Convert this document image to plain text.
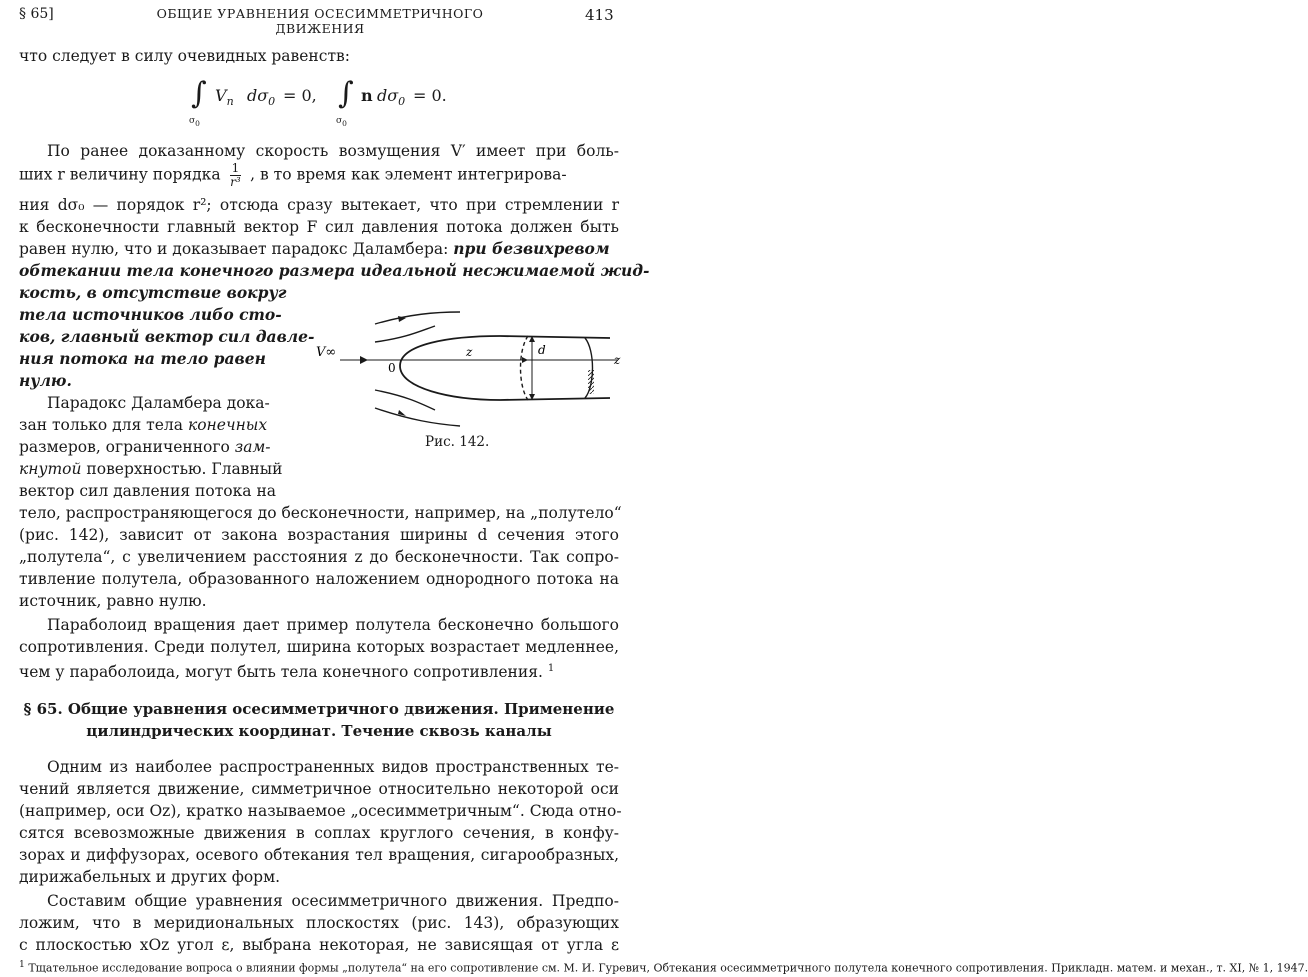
§ 65]	ОБЩИЕ УРАВНЕНИЯ ОСЕСИММЕТРИЧНОГО ДВИЖЕНИЯ
413
что следует в силу очевидных равенств:
∫
$\sigma_0$
$V_n$ $d\sigma_0 = 0$, ∫
$\sigma_0$
n $d\sigma_0 = 0$.
По ранее доказанному скорость возмущения V′ имеет при боль-
ших r величину порядка $\frac{1}{\text{r³}}$ , в то время как элемент интегрирова-
ния dσ₀ — порядок r²; отсюда сразу вытекает, что при стремлении r
к бесконечности главный вектор F сил давления потока должен быть
равен нулю, что и доказывает парадокс Даламбера: при безвихревом
обтекании тела конечного размера идеальной несжимаемой жид-
кость, в отсутствие вокруг
тела источников либо сто-
ков, главный вектор сил давле-
ния потока на тело равен
нулю.
Парадокс Даламбера дока-
зан только для тела конечных
размеров, ограниченного зам-
кнутой поверхностью. Главный
вектор сил давления потока на
V∞
0
z	d
z
Рис. 142.
тело, распространяющегося до бесконечности, например, на „полутело“
(рис. 142), зависит от закона возрастания ширины d сечения этого
„полутела“, с увеличением расстояния z до бесконечности. Так сопро-
тивление полутела, образованного наложением однородного потока на
источник, равно нулю.
Параболоид вращения дает пример полутела бесконечно большого
сопротивления. Среди полутел, ширина которых возрастает медленнее,
чем у параболоида, могут быть тела конечного сопротивления. $^1$
§ 65. Общие уравнения осесимметричного движения. Применение
цилиндрических координат. Течение сквозь каналы
Одним из наиболее распространенных видов пространственных те-
чений является движение, симметричное относительно некоторой оси
(например, оси Oz), кратко называемое „осесимметричным“. Сюда отно-
сятся всевозможные движения в соплах круглого сечения, в конфу-
зорах и диффузорах, осевого обтекания тел вращения, сигарообразных,
дирижабельных и других форм.
Составим общие уравнения осесимметричного движения. Предпо-
ложим, что в меридиональных плоскостях (рис. 143), образующих
с плоскостью xOz угол ε, выбрана некоторая, не зависящая от угла ε
$^1$ Тщательное исследование вопроса о влиянии формы „полутела“ на его сопротивление см. М. И. Гуревич, Обтекания осесимметричного полутела конечного сопротивления. Прикладн. матем. и механ., т. XI, № 1, 1947.
